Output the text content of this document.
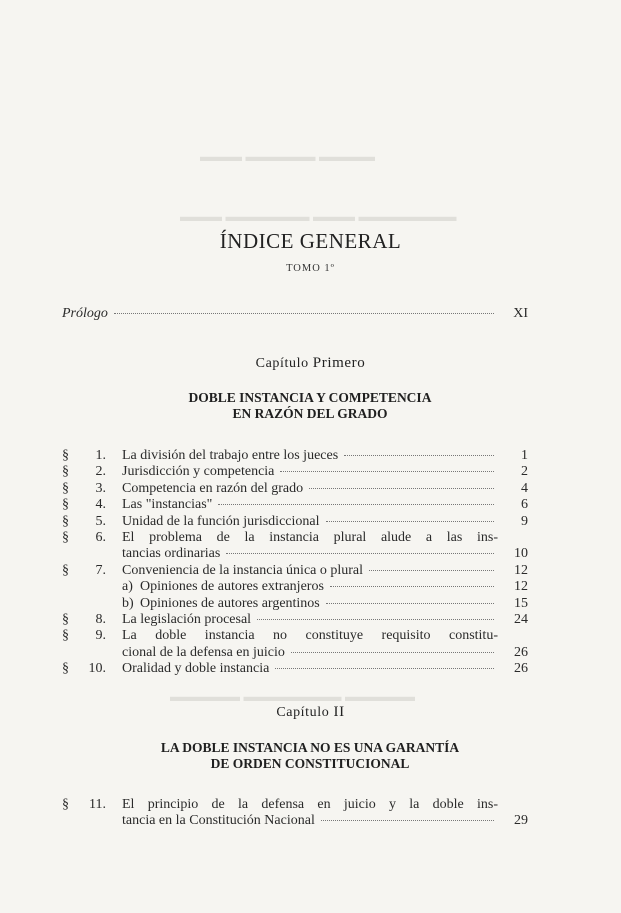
▬▬▬▬ ▬▬▬▬▬ ▬▬▬
▬▬▬▬▬▬▬ ▬▬▬ ▬▬▬▬▬▬ ▬▬▬
▬▬▬▬▬ ▬▬▬▬▬▬▬ ▬▬▬▬▬
ÍNDICE GENERAL
TOMO 1º
Prólogo	XI
Capítulo Primero
DOBLE INSTANCIA Y COMPETENCIA
EN RAZÓN DEL GRADO
§	1.	La división del trabajo entre los jueces	1
§	2.	Jurisdicción y competencia	2
§	3.	Competencia en razón del grado	4
§	4.	Las "instancias"	6
§	5.	Unidad de la función jurisdiccional	9
§	6.	El problema de la instancia plural alude a las ins-
tancias ordinarias	10
§	7.	Conveniencia de la instancia única o plural	12
a) Opiniones de autores extranjeros	12
b) Opiniones de autores argentinos	15
§	8.	La legislación procesal	24
§	9.	La doble instancia no constituye requisito constitu-
cional de la defensa en juicio	26
§	10.	Oralidad y doble instancia	26
Capítulo II
LA DOBLE INSTANCIA NO ES UNA GARANTÍA
DE ORDEN CONSTITUCIONAL
§	11.	El principio de la defensa en juicio y la doble ins-
tancia en la Constitución Nacional	29
